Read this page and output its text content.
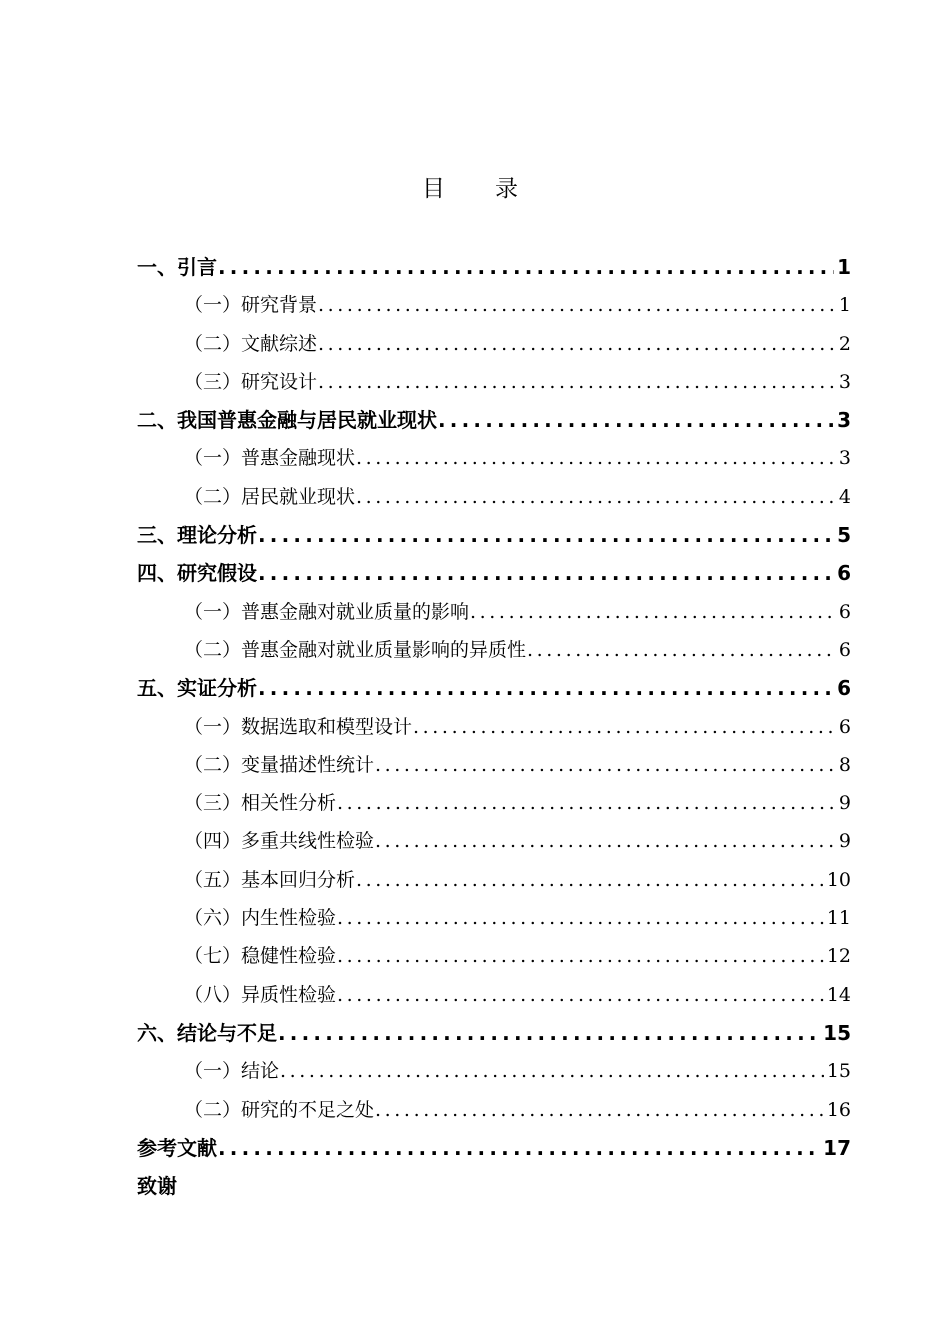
目录
一、引言 .....	1
（一）研究背景 .....	1
（二）文献综述 .....	2
（三）研究设计 .....	3
二、我国普惠金融与居民就业现状 .....	3
（一）普惠金融现状 .....	3
（二）居民就业现状 .....	4
三、理论分析 .....	5
四、研究假设 .....	6
（一）普惠金融对就业质量的影响 .....	6
（二）普惠金融对就业质量影响的异质性 .....	6
五、实证分析 .....	6
（一）数据选取和模型设计 .....	6
（二）变量描述性统计 .....	8
（三）相关性分析 .....	9
（四）多重共线性检验 .....	9
（五）基本回归分析 .....	10
（六）内生性检验 .....	11
（七）稳健性检验 .....	12
（八）异质性检验 .....	14
六、结论与不足 .....	15
（一）结论 .....	15
（二）研究的不足之处 .....	16
参考文献 .....	17
致谢
